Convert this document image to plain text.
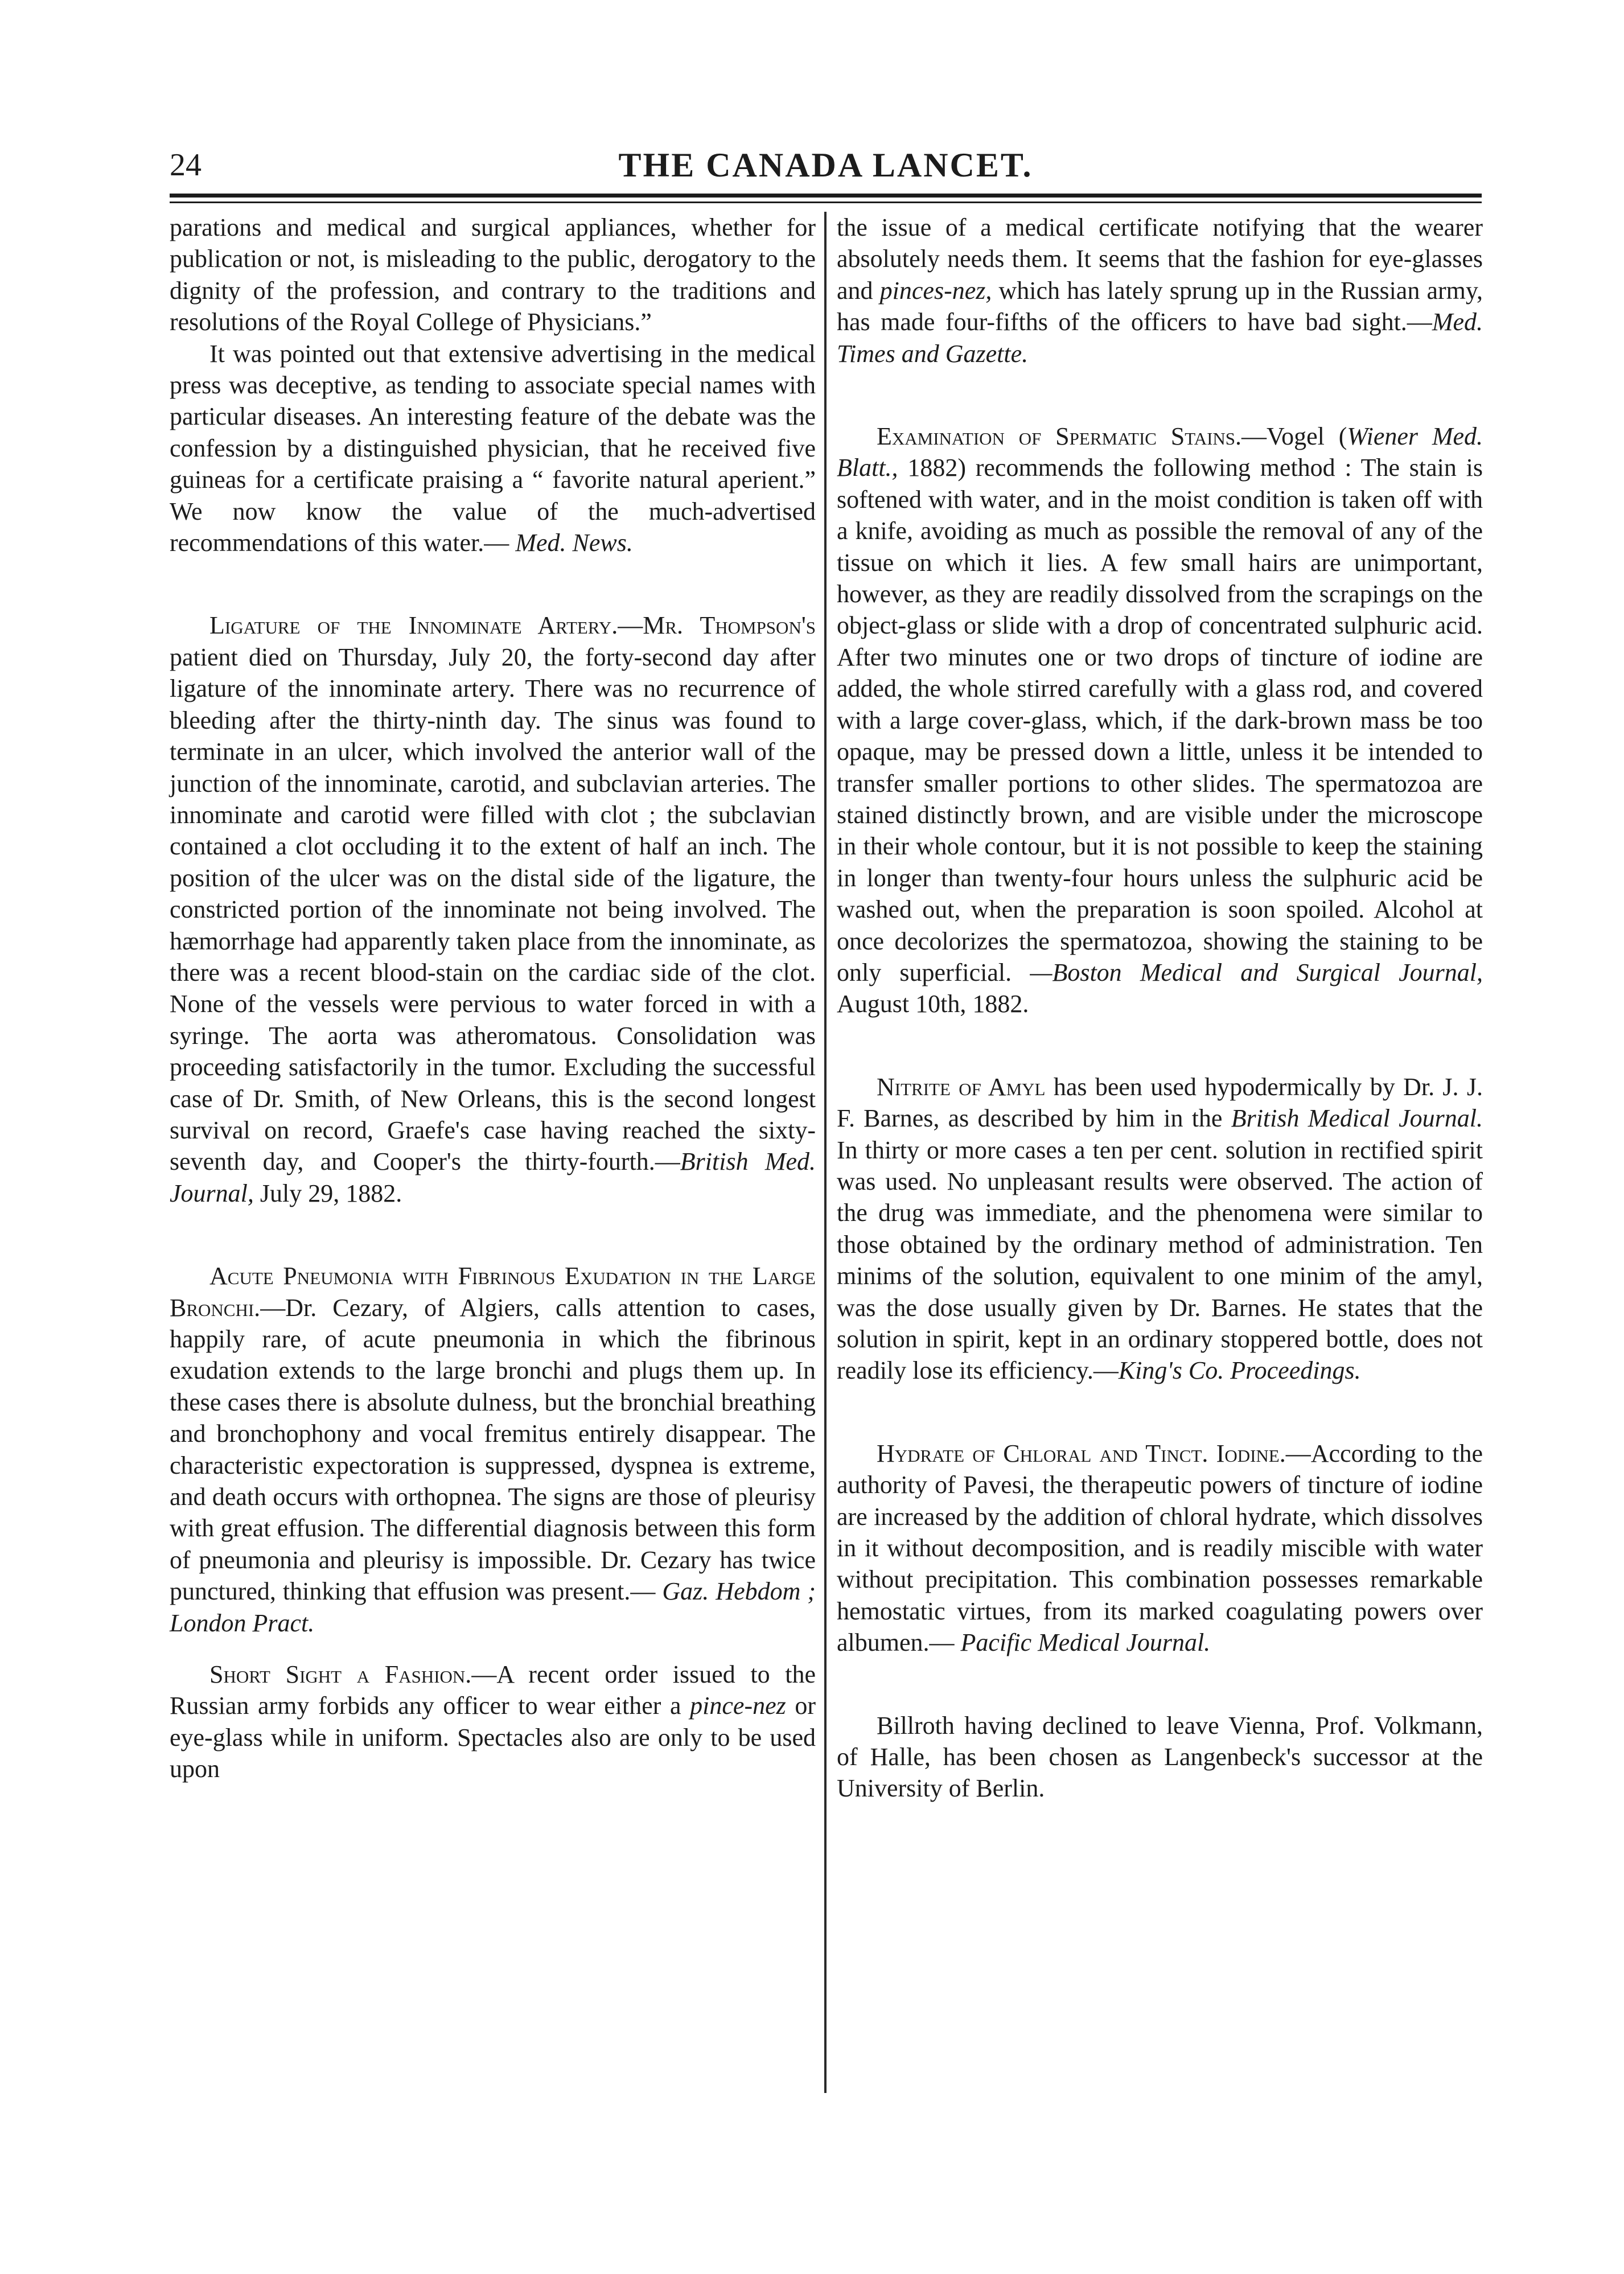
24	THE CANADA LANCET.

parations and medical and surgical appliances, whether for publication or not, is misleading to the public, derogatory to the dignity of the profession, and contrary to the traditions and resolutions of the Royal College of Physicians.”

It was pointed out that extensive advertising in the medical press was deceptive, as tending to associate special names with particular diseases. An interesting feature of the debate was the confession by a distinguished physician, that he received five guineas for a certificate praising a “ favorite natural aperient.” We now know the value of the much-advertised recommendations of this water.— Med. News.

Ligature of the Innominate Artery.—Mr. Thompson's patient died on Thursday, July 20, the forty-second day after ligature of the innominate artery. There was no recurrence of bleeding after the thirty-ninth day. The sinus was found to terminate in an ulcer, which involved the anterior wall of the junction of the innominate, carotid, and subclavian arteries. The innominate and carotid were filled with clot ; the subclavian contained a clot occluding it to the extent of half an inch. The position of the ulcer was on the distal side of the ligature, the constricted portion of the innominate not being involved. The hæmorrhage had apparently taken place from the innominate, as there was a recent blood-stain on the cardiac side of the clot. None of the vessels were pervious to water forced in with a syringe. The aorta was atheromatous. Consolidation was proceeding satisfactorily in the tumor. Excluding the successful case of Dr. Smith, of New Orleans, this is the second longest survival on record, Graefe's case having reached the sixty-seventh day, and Cooper's the thirty-fourth.—British Med. Journal, July 29, 1882.

Acute Pneumonia with Fibrinous Exudation in the Large Bronchi.—Dr. Cezary, of Algiers, calls attention to cases, happily rare, of acute pneumonia in which the fibrinous exudation extends to the large bronchi and plugs them up. In these cases there is absolute dulness, but the bronchial breathing and bronchophony and vocal fremitus entirely disappear. The characteristic expectoration is suppressed, dyspnea is extreme, and death occurs with orthopnea. The signs are those of pleurisy with great effusion. The differential diagnosis between this form of pneumonia and pleurisy is impossible. Dr. Cezary has twice punctured, thinking that effusion was present.— Gaz. Hebdom ; London Pract.

Short Sight a Fashion.—A recent order issued to the Russian army forbids any officer to wear either a pince-nez or eye-glass while in uniform. Spectacles also are only to be used upon

the issue of a medical certificate notifying that the wearer absolutely needs them. It seems that the fashion for eye-glasses and pinces-nez, which has lately sprung up in the Russian army, has made four-fifths of the officers to have bad sight.—Med. Times and Gazette.

Examination of Spermatic Stains.—Vogel (Wiener Med. Blatt., 1882) recommends the following method : The stain is softened with water, and in the moist condition is taken off with a knife, avoiding as much as possible the removal of any of the tissue on which it lies. A few small hairs are unimportant, however, as they are readily dissolved from the scrapings on the object-glass or slide with a drop of concentrated sulphuric acid. After two minutes one or two drops of tincture of iodine are added, the whole stirred carefully with a glass rod, and covered with a large cover-glass, which, if the dark-brown mass be too opaque, may be pressed down a little, unless it be intended to transfer smaller portions to other slides. The spermatozoa are stained distinctly brown, and are visible under the microscope in their whole contour, but it is not possible to keep the staining in longer than twenty-four hours unless the sulphuric acid be washed out, when the preparation is soon spoiled. Alcohol at once decolorizes the spermatozoa, showing the staining to be only superficial. —Boston Medical and Surgical Journal, August 10th, 1882.

Nitrite of Amyl has been used hypodermically by Dr. J. J. F. Barnes, as described by him in the British Medical Journal. In thirty or more cases a ten per cent. solution in rectified spirit was used. No unpleasant results were observed. The action of the drug was immediate, and the phenomena were similar to those obtained by the ordinary method of administration. Ten minims of the solution, equivalent to one minim of the amyl, was the dose usually given by Dr. Barnes. He states that the solution in spirit, kept in an ordinary stoppered bottle, does not readily lose its efficiency.—King's Co. Proceedings.

Hydrate of Chloral and Tinct. Iodine.—According to the authority of Pavesi, the therapeutic powers of tincture of iodine are increased by the addition of chloral hydrate, which dissolves in it without decomposition, and is readily miscible with water without precipitation. This combination possesses remarkable hemostatic virtues, from its marked coagulating powers over albumen.— Pacific Medical Journal.

Billroth having declined to leave Vienna, Prof. Volkmann, of Halle, has been chosen as Langenbeck's successor at the University of Berlin.
